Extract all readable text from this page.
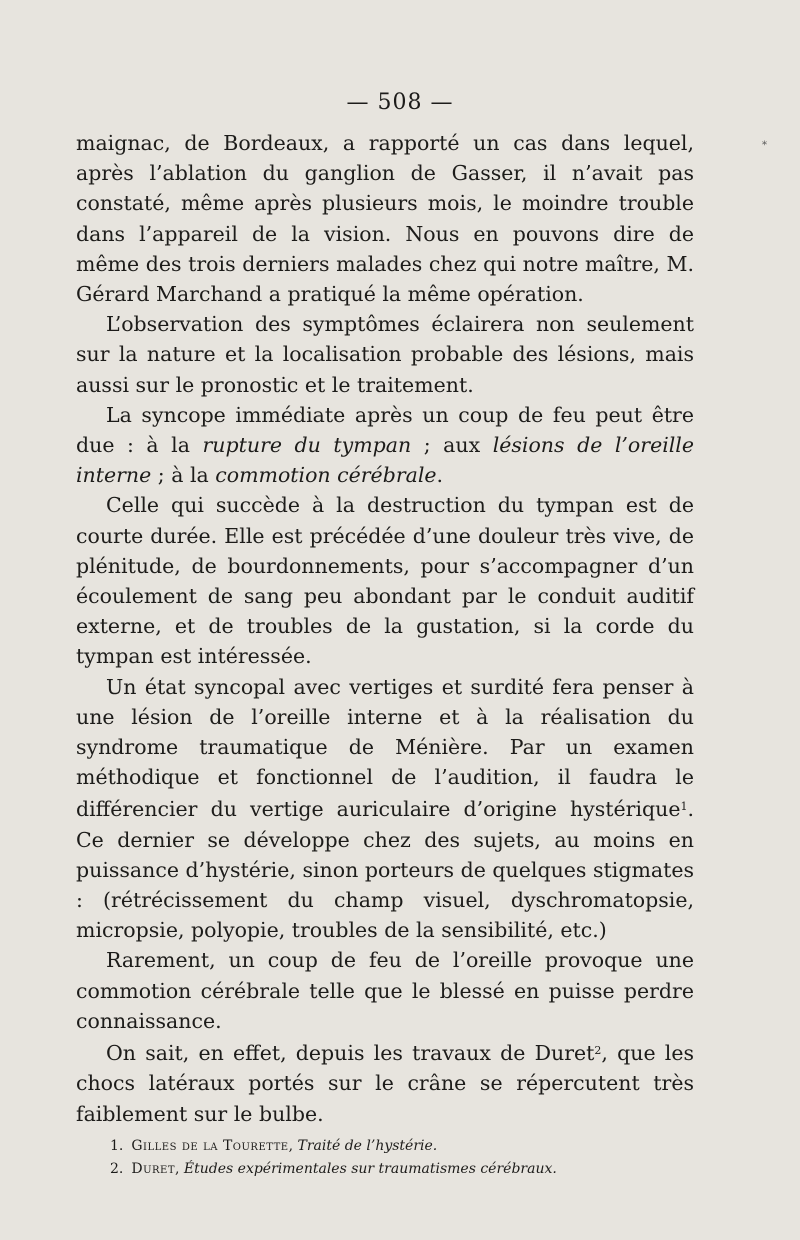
— 508 —
*

maignac, de Bordeaux, a rapporté un cas dans lequel, après l’ablation du ganglion de Gasser, il n’avait pas constaté, même après plusieurs mois, le moindre trouble dans l’appareil de la vision. Nous en pouvons dire de même des trois derniers malades chez qui notre maître, M. Gérard Marchand a pratiqué la même opération.

L’observation des symptômes éclairera non seulement sur la nature et la localisation probable des lésions, mais aussi sur le pronostic et le traitement.

La syncope immédiate après un coup de feu peut être due : à la rupture du tympan ; aux lésions de l’oreille interne ; à la commotion cérébrale.

Celle qui succède à la destruction du tympan est de courte durée. Elle est précédée d’une douleur très vive, de plénitude, de bourdonnements, pour s’accompagner d’un écoulement de sang peu abondant par le conduit auditif externe, et de troubles de la gustation, si la corde du tympan est intéressée.

Un état syncopal avec vertiges et surdité fera penser à une lésion de l’oreille interne et à la réalisation du syndrome traumatique de Ménière. Par un examen méthodique et fonctionnel de l’audition, il faudra le différencier du vertige auriculaire d’origine hystérique$^1$. Ce dernier se développe chez des sujets, au moins en puissance d’hystérie, sinon porteurs de quelques stigmates : (rétrécissement du champ visuel, dyschromatopsie, micropsie, polyopie, troubles de la sensibilité, etc.)

Rarement, un coup de feu de l’oreille provoque une commotion cérébrale telle que le blessé en puisse perdre connaissance.

On sait, en effet, depuis les travaux de Duret$^2$, que les chocs latéraux portés sur le crâne se répercutent très faiblement sur le bulbe.

1. Gilles de la Tourette, Traité de l’hystérie.

2. Duret, Études expérimentales sur traumatismes cérébraux.
